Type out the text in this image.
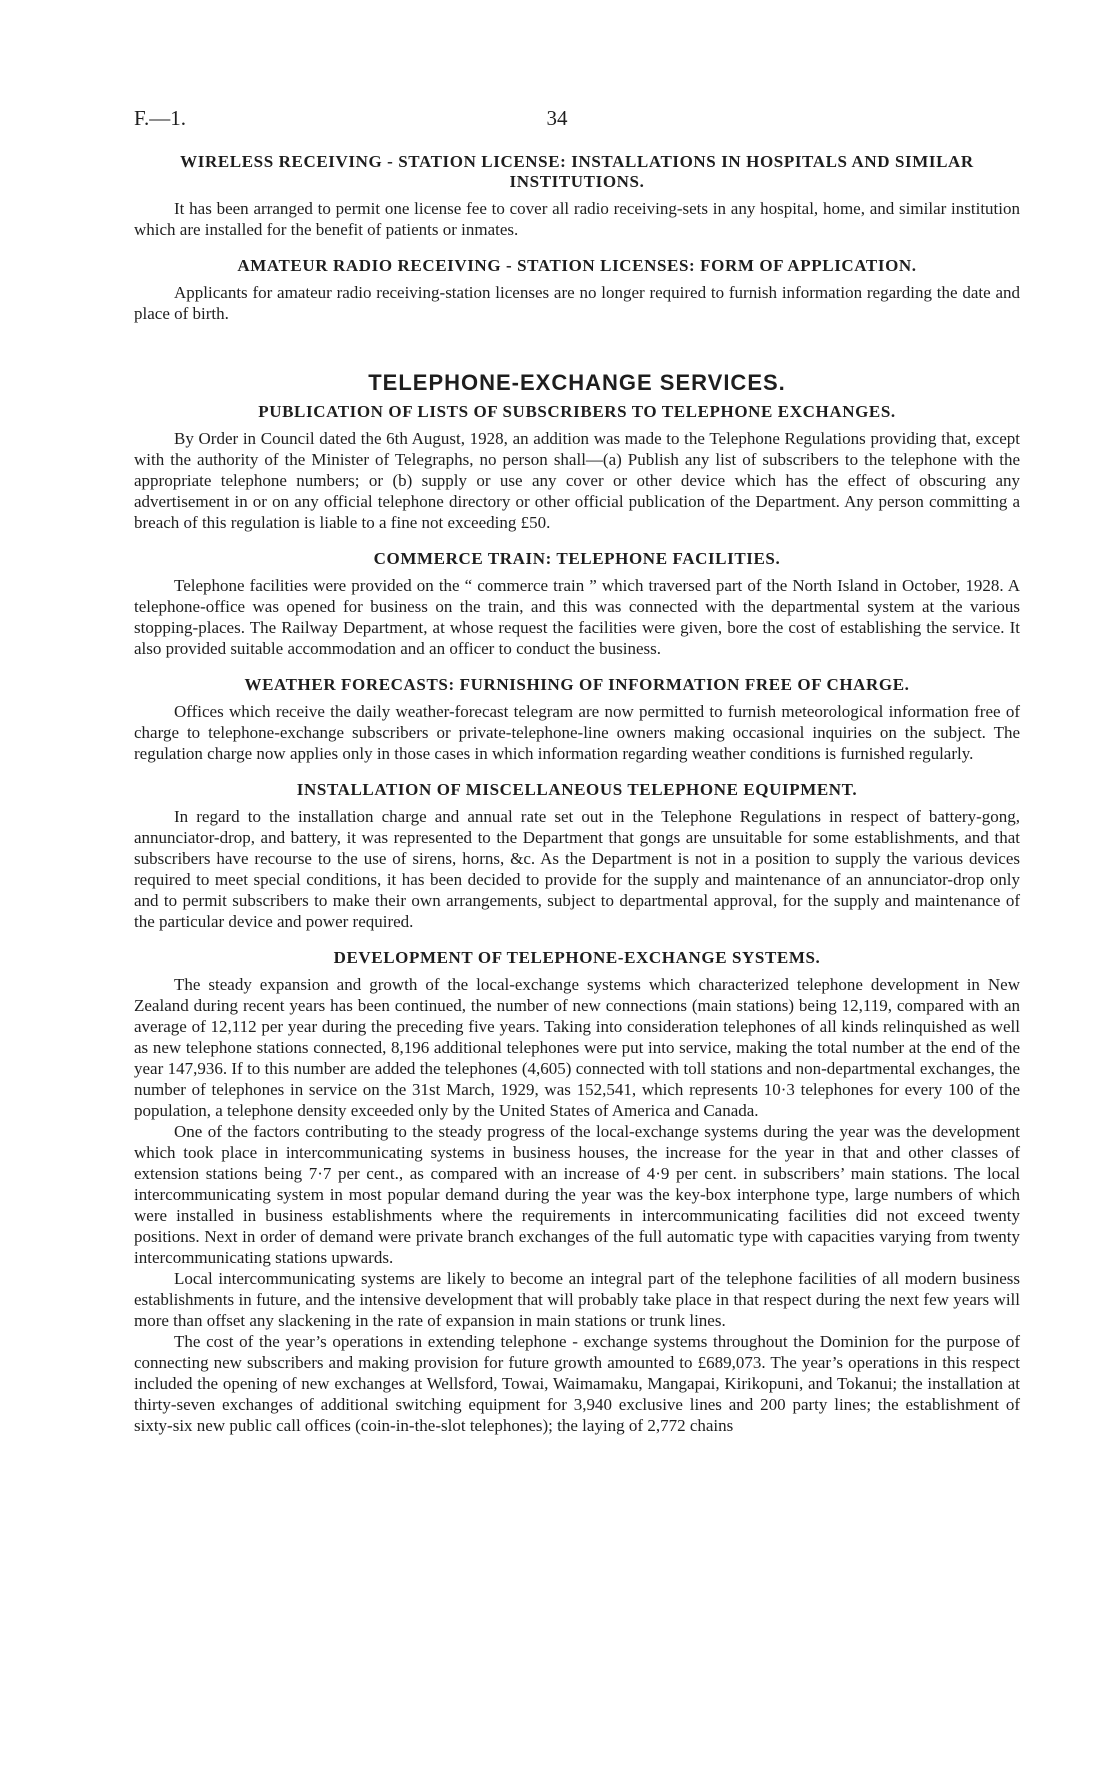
F.—1.	34
WIRELESS RECEIVING - STATION LICENSE: INSTALLATIONS IN HOSPITALS AND SIMILAR INSTITUTIONS.

It has been arranged to permit one license fee to cover all radio receiving-sets in any hospital, home, and similar institution which are installed for the benefit of patients or inmates.

AMATEUR RADIO RECEIVING - STATION LICENSES: FORM OF APPLICATION.

Applicants for amateur radio receiving-station licenses are no longer required to furnish information regarding the date and place of birth.

TELEPHONE-EXCHANGE SERVICES.
PUBLICATION OF LISTS OF SUBSCRIBERS TO TELEPHONE EXCHANGES.

By Order in Council dated the 6th August, 1928, an addition was made to the Telephone Regulations providing that, except with the authority of the Minister of Telegraphs, no person shall—(a) Publish any list of subscribers to the telephone with the appropriate telephone numbers; or (b) supply or use any cover or other device which has the effect of obscuring any advertisement in or on any official telephone directory or other official publication of the Department. Any person committing a breach of this regulation is liable to a fine not exceeding £50.

COMMERCE TRAIN: TELEPHONE FACILITIES.

Telephone facilities were provided on the “ commerce train ” which traversed part of the North Island in October, 1928. A telephone-office was opened for business on the train, and this was connected with the departmental system at the various stopping-places. The Railway Department, at whose request the facilities were given, bore the cost of establishing the service. It also provided suitable accommodation and an officer to conduct the business.

WEATHER FORECASTS: FURNISHING OF INFORMATION FREE OF CHARGE.

Offices which receive the daily weather-forecast telegram are now permitted to furnish meteorological information free of charge to telephone-exchange subscribers or private-telephone-line owners making occasional inquiries on the subject. The regulation charge now applies only in those cases in which information regarding weather conditions is furnished regularly.

INSTALLATION OF MISCELLANEOUS TELEPHONE EQUIPMENT.

In regard to the installation charge and annual rate set out in the Telephone Regulations in respect of battery-gong, annunciator-drop, and battery, it was represented to the Department that gongs are unsuitable for some establishments, and that subscribers have recourse to the use of sirens, horns, &c. As the Department is not in a position to supply the various devices required to meet special conditions, it has been decided to provide for the supply and maintenance of an annunciator-drop only and to permit subscribers to make their own arrangements, subject to departmental approval, for the supply and maintenance of the particular device and power required.

DEVELOPMENT OF TELEPHONE-EXCHANGE SYSTEMS.

The steady expansion and growth of the local-exchange systems which characterized telephone development in New Zealand during recent years has been continued, the number of new connections (main stations) being 12,119, compared with an average of 12,112 per year during the preceding five years. Taking into consideration telephones of all kinds relinquished as well as new telephone stations connected, 8,196 additional telephones were put into service, making the total number at the end of the year 147,936. If to this number are added the telephones (4,605) connected with toll stations and non-departmental exchanges, the number of telephones in service on the 31st March, 1929, was 152,541, which represents 10·3 telephones for every 100 of the population, a telephone density exceeded only by the United States of America and Canada.

One of the factors contributing to the steady progress of the local-exchange systems during the year was the development which took place in intercommunicating systems in business houses, the increase for the year in that and other classes of extension stations being 7·7 per cent., as compared with an increase of 4·9 per cent. in subscribers’ main stations. The local intercommunicating system in most popular demand during the year was the key-box interphone type, large numbers of which were installed in business establishments where the requirements in intercommunicating facilities did not exceed twenty positions. Next in order of demand were private branch exchanges of the full automatic type with capacities varying from twenty intercommunicating stations upwards.

Local intercommunicating systems are likely to become an integral part of the telephone facilities of all modern business establishments in future, and the intensive development that will probably take place in that respect during the next few years will more than offset any slackening in the rate of expansion in main stations or trunk lines.

The cost of the year’s operations in extending telephone - exchange systems throughout the Dominion for the purpose of connecting new subscribers and making provision for future growth amounted to £689,073. The year’s operations in this respect included the opening of new exchanges at Wellsford, Towai, Waimamaku, Mangapai, Kirikopuni, and Tokanui; the installation at thirty-seven exchanges of additional switching equipment for 3,940 exclusive lines and 200 party lines; the establishment of sixty-six new public call offices (coin-in-the-slot telephones); the laying of 2,772 chains
